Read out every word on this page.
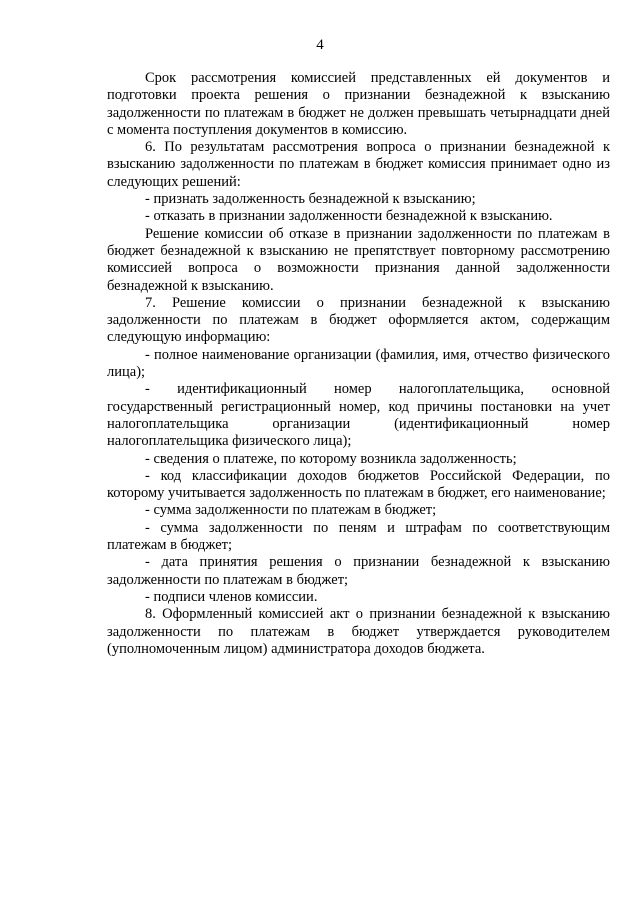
4

Срок рассмотрения комиссией представленных ей документов и подготовки проекта решения о признании безнадежной к взысканию задолженности по платежам в бюджет не должен превышать четырнадцати дней с момента поступления документов в комиссию.

6. По результатам рассмотрения вопроса о признании безнадежной к взысканию задолженности по платежам в бюджет комиссия принимает одно из следующих решений:

- признать задолженность безнадежной к взысканию;

- отказать в признании задолженности безнадежной к взысканию.

Решение комиссии об отказе в признании задолженности по платежам в бюджет безнадежной к взысканию не препятствует повторному рассмотрению комиссией вопроса о возможности признания данной задолженности безнадежной к взысканию.

7. Решение комиссии о признании безнадежной к взысканию задолженности по платежам в бюджет оформляется актом, содержащим следующую информацию:

- полное наименование организации (фамилия, имя, отчество физического лица);

- идентификационный номер налогоплательщика, основной государственный регистрационный номер, код причины постановки на учет налогоплательщика организации (идентификационный номер налогоплательщика физического лица);

- сведения о платеже, по которому возникла задолженность;

- код классификации доходов бюджетов Российской Федерации, по которому учитывается задолженность по платежам в бюджет, его наименование;

- сумма задолженности по платежам в бюджет;

- сумма задолженности по пеням и штрафам по соответствующим платежам в бюджет;

- дата принятия решения о признании безнадежной к взысканию задолженности по платежам в бюджет;

- подписи членов комиссии.

8. Оформленный комиссией акт о признании безнадежной к взысканию задолженности по платежам в бюджет утверждается руководителем (уполномоченным лицом) администратора доходов бюджета.
